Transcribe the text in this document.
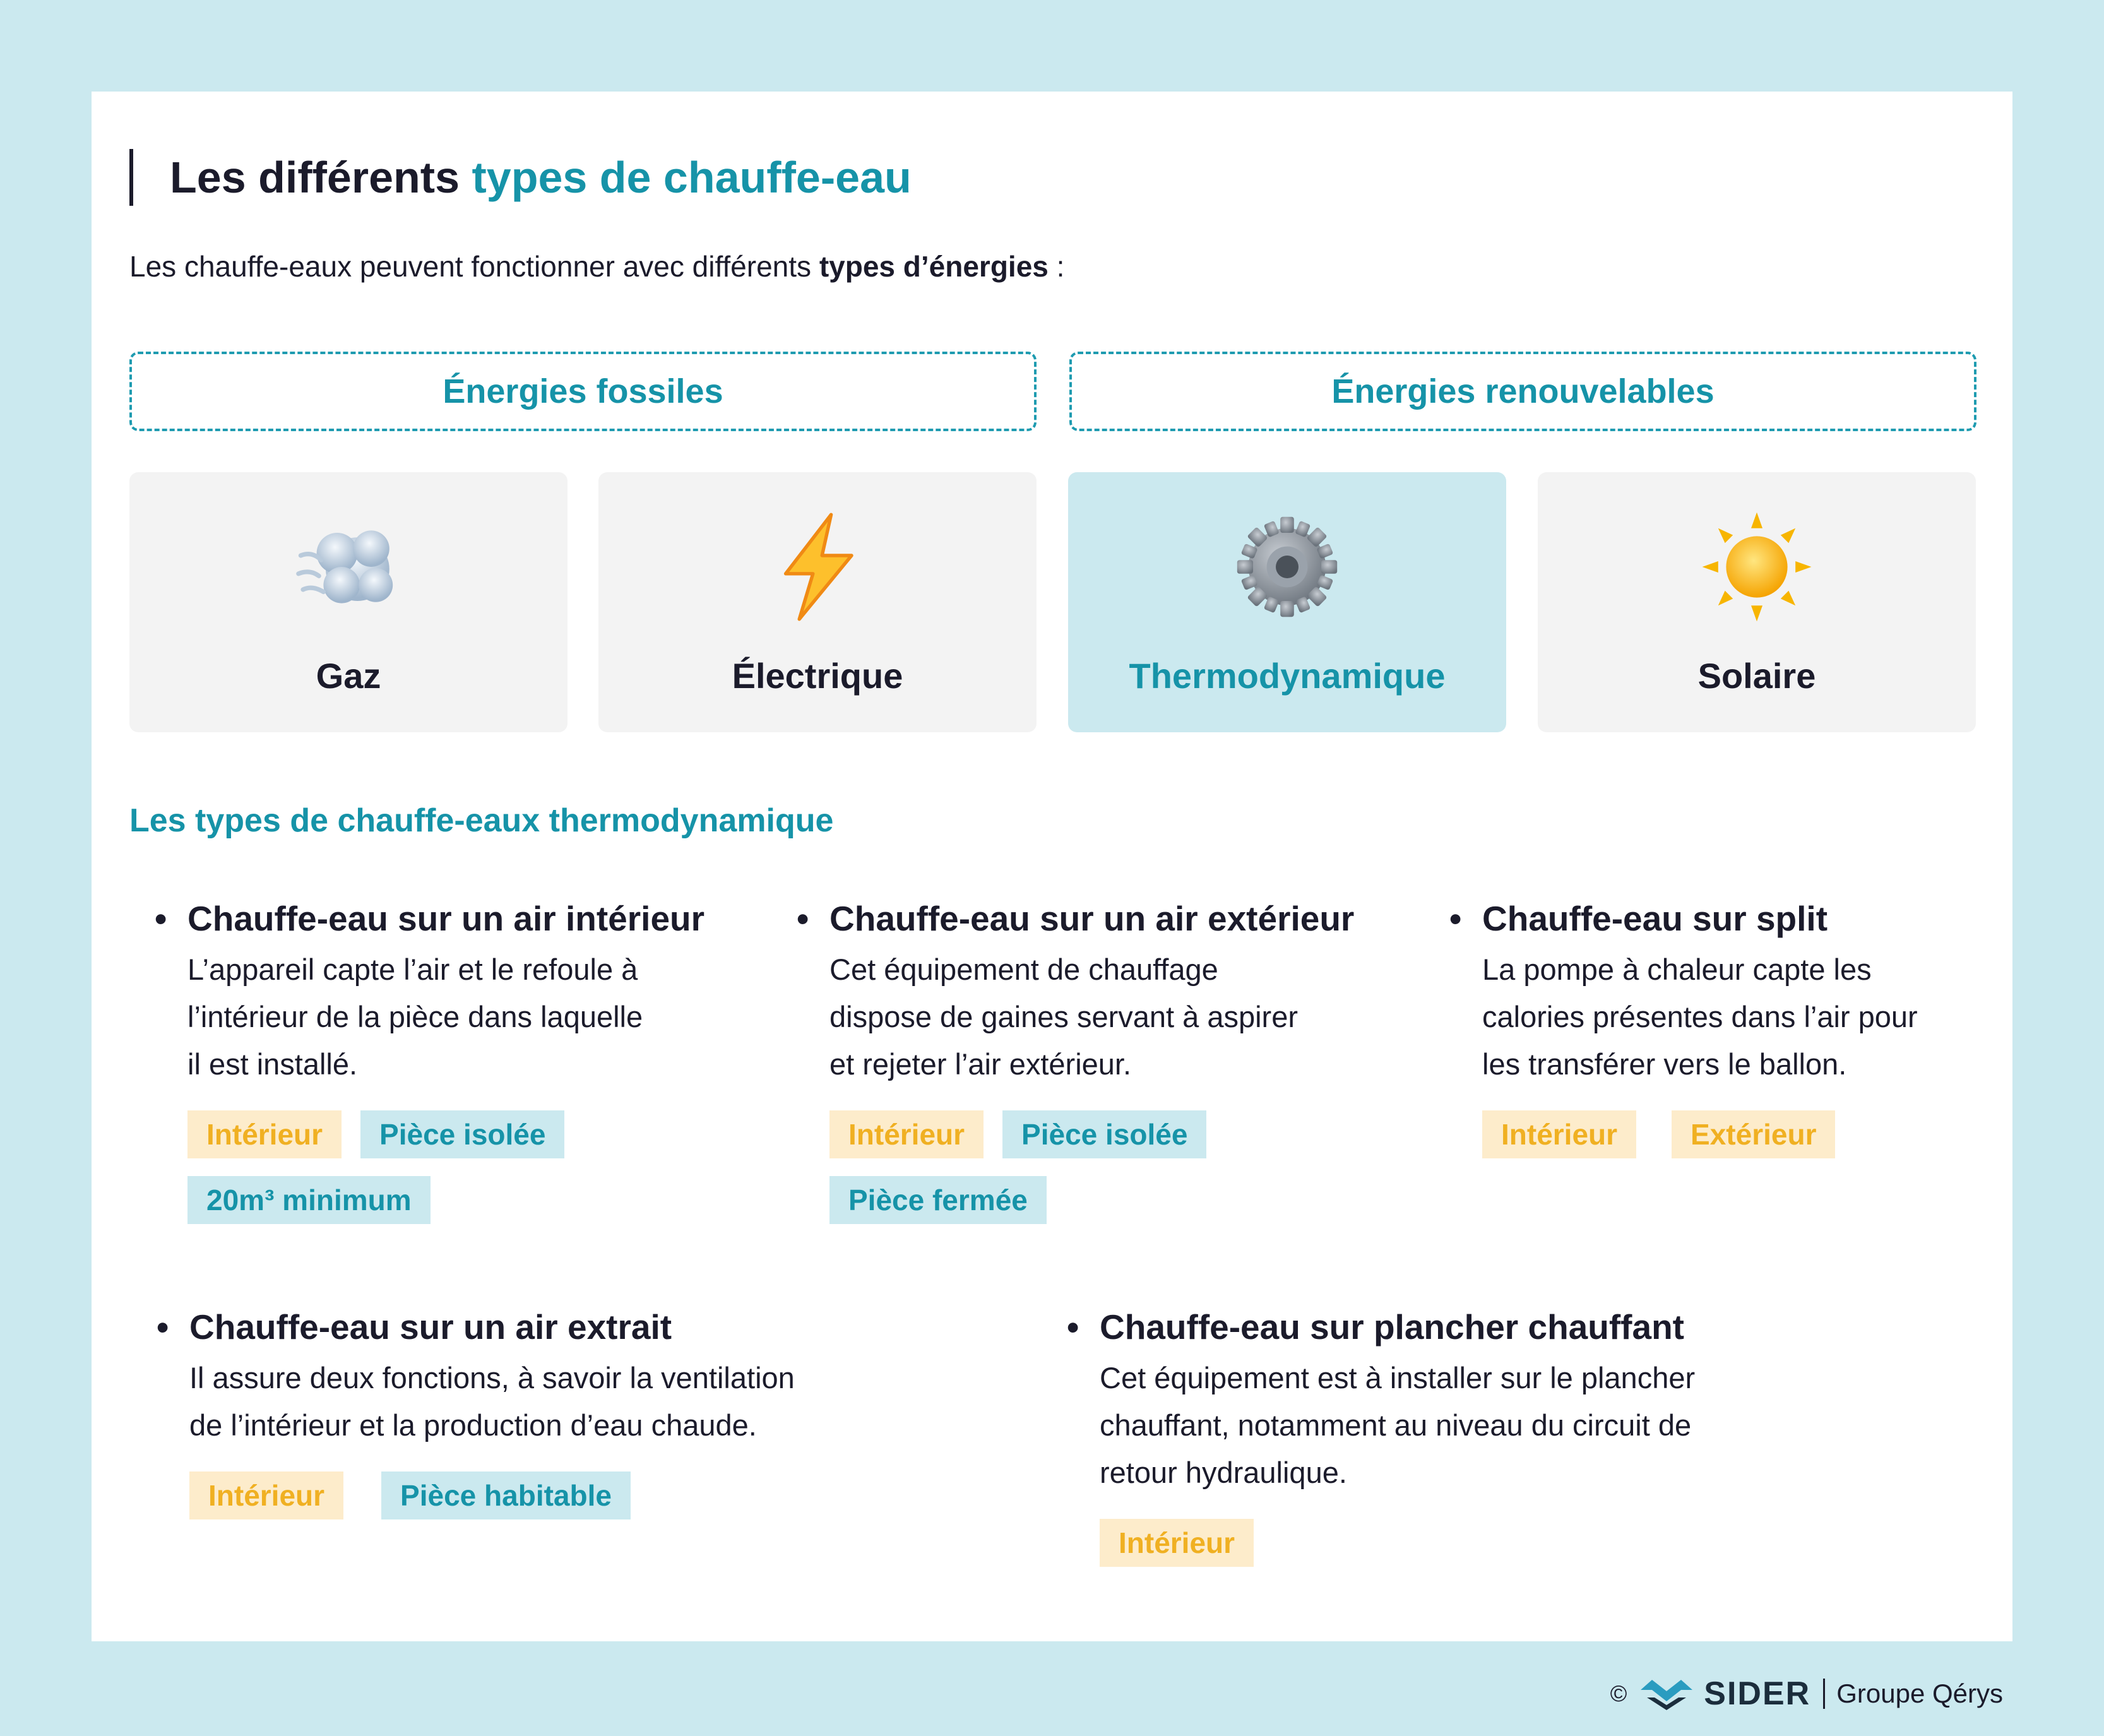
Les différents types de chauffe-eau
Les chauffe-eaux peuvent fonctionner avec différents types d’énergies :
Énergies fossiles	Énergies renouvelables
Gaz	Électrique	Thermodynamique	Solaire
Les types de chauffe-eaux thermodynamique
• Chauffe-eau sur un air intérieur
L’appareil capte l’air et le refoule à
l’intérieur de la pièce dans laquelle
il est installé.
Intérieur	Pièce isolée
20m³ minimum
• Chauffe-eau sur un air extérieur
Cet équipement de chauffage
dispose de gaines servant à aspirer
et rejeter l’air extérieur.
Intérieur	Pièce isolée
Pièce fermée
• Chauffe-eau sur split
La pompe à chaleur capte les
calories présentes dans l’air pour
les transférer vers le ballon.
Intérieur	Extérieur
• Chauffe-eau sur un air extrait
Il assure deux fonctions, à savoir la ventilation
de l’intérieur et la production d’eau chaude.
Intérieur	Pièce habitable
• Chauffe-eau sur plancher chauffant
Cet équipement est à installer sur le plancher
chauffant, notamment au niveau du circuit de
retour hydraulique.
Intérieur
© SIDER Groupe Qérys
